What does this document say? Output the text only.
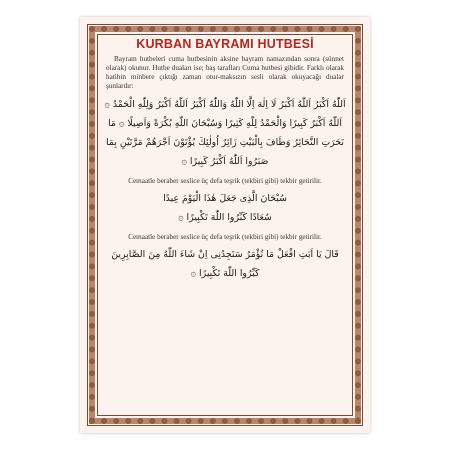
KURBAN BAYRAMI HUTBESİ

Bayram hutbeleri cuma hutbesinin aksine bayram namazından sonra (sünnet olarak) okunur. Hutbe duaları ise; baş tarafları Cuma hutbesi gibidir. Farklı olarak hatibin minbere çıktığı zaman otur-maksızın sesli olarak okuyacağı dualar şunlardır:

اَللّٰهُ اَكْبَرُ اَللّٰهُ اَكْبَرُ لَا اِلٰهَ اِلَّا اللّٰهُ وَاللّٰهُ اَكْبَرُ اَللّٰهُ اَكْبَرُ وَلِلّٰهِ الْحَمْدُ ۞ اَللّٰهُ اَكْبَرُ كَبِيرًا وَالْحَمْدُ لِلّٰهِ كَثِيرًا وَسُبْحَانَ اللّٰهِ بُكْرَةً وَاَصِيلًا ۞ مَا نَحَرَتِ النَّحَائِرُ وَطَافَ بِالْبَيْتِ زَائِرٌ اُولٰئِكَ يُؤْتَوْنَ اَجْرَهُمْ مَرَّتَيْنِ بِمَا صَبَرُوا اَللّٰهُ اَكْبَرُ كَبِيرًا ۞
Cemaatle beraber seslice üç defa teşrik (tekbiri gibi) tekbir getirilir.
سُبْحَانَ الَّذِى جَعَلَ هٰذَا الْيَوْمَ عِيدًا
سُعَادًا كَبِّرُوا اللّٰهَ تَكْبِيرًا ۞
Cemaatle beraber seslice üç defa teşrik (tekbiri gibi) tekbir getirilir.
قَالَ يَا اَبَتِ افْعَلْ مَا تُؤْمَرُ سَتَجِدُنِى اِنْ شَاءَ اللّٰهُ مِنَ الصَّابِرِينَ
كَبِّرُوا اللّٰهَ تَكْبِيرًا ۞
